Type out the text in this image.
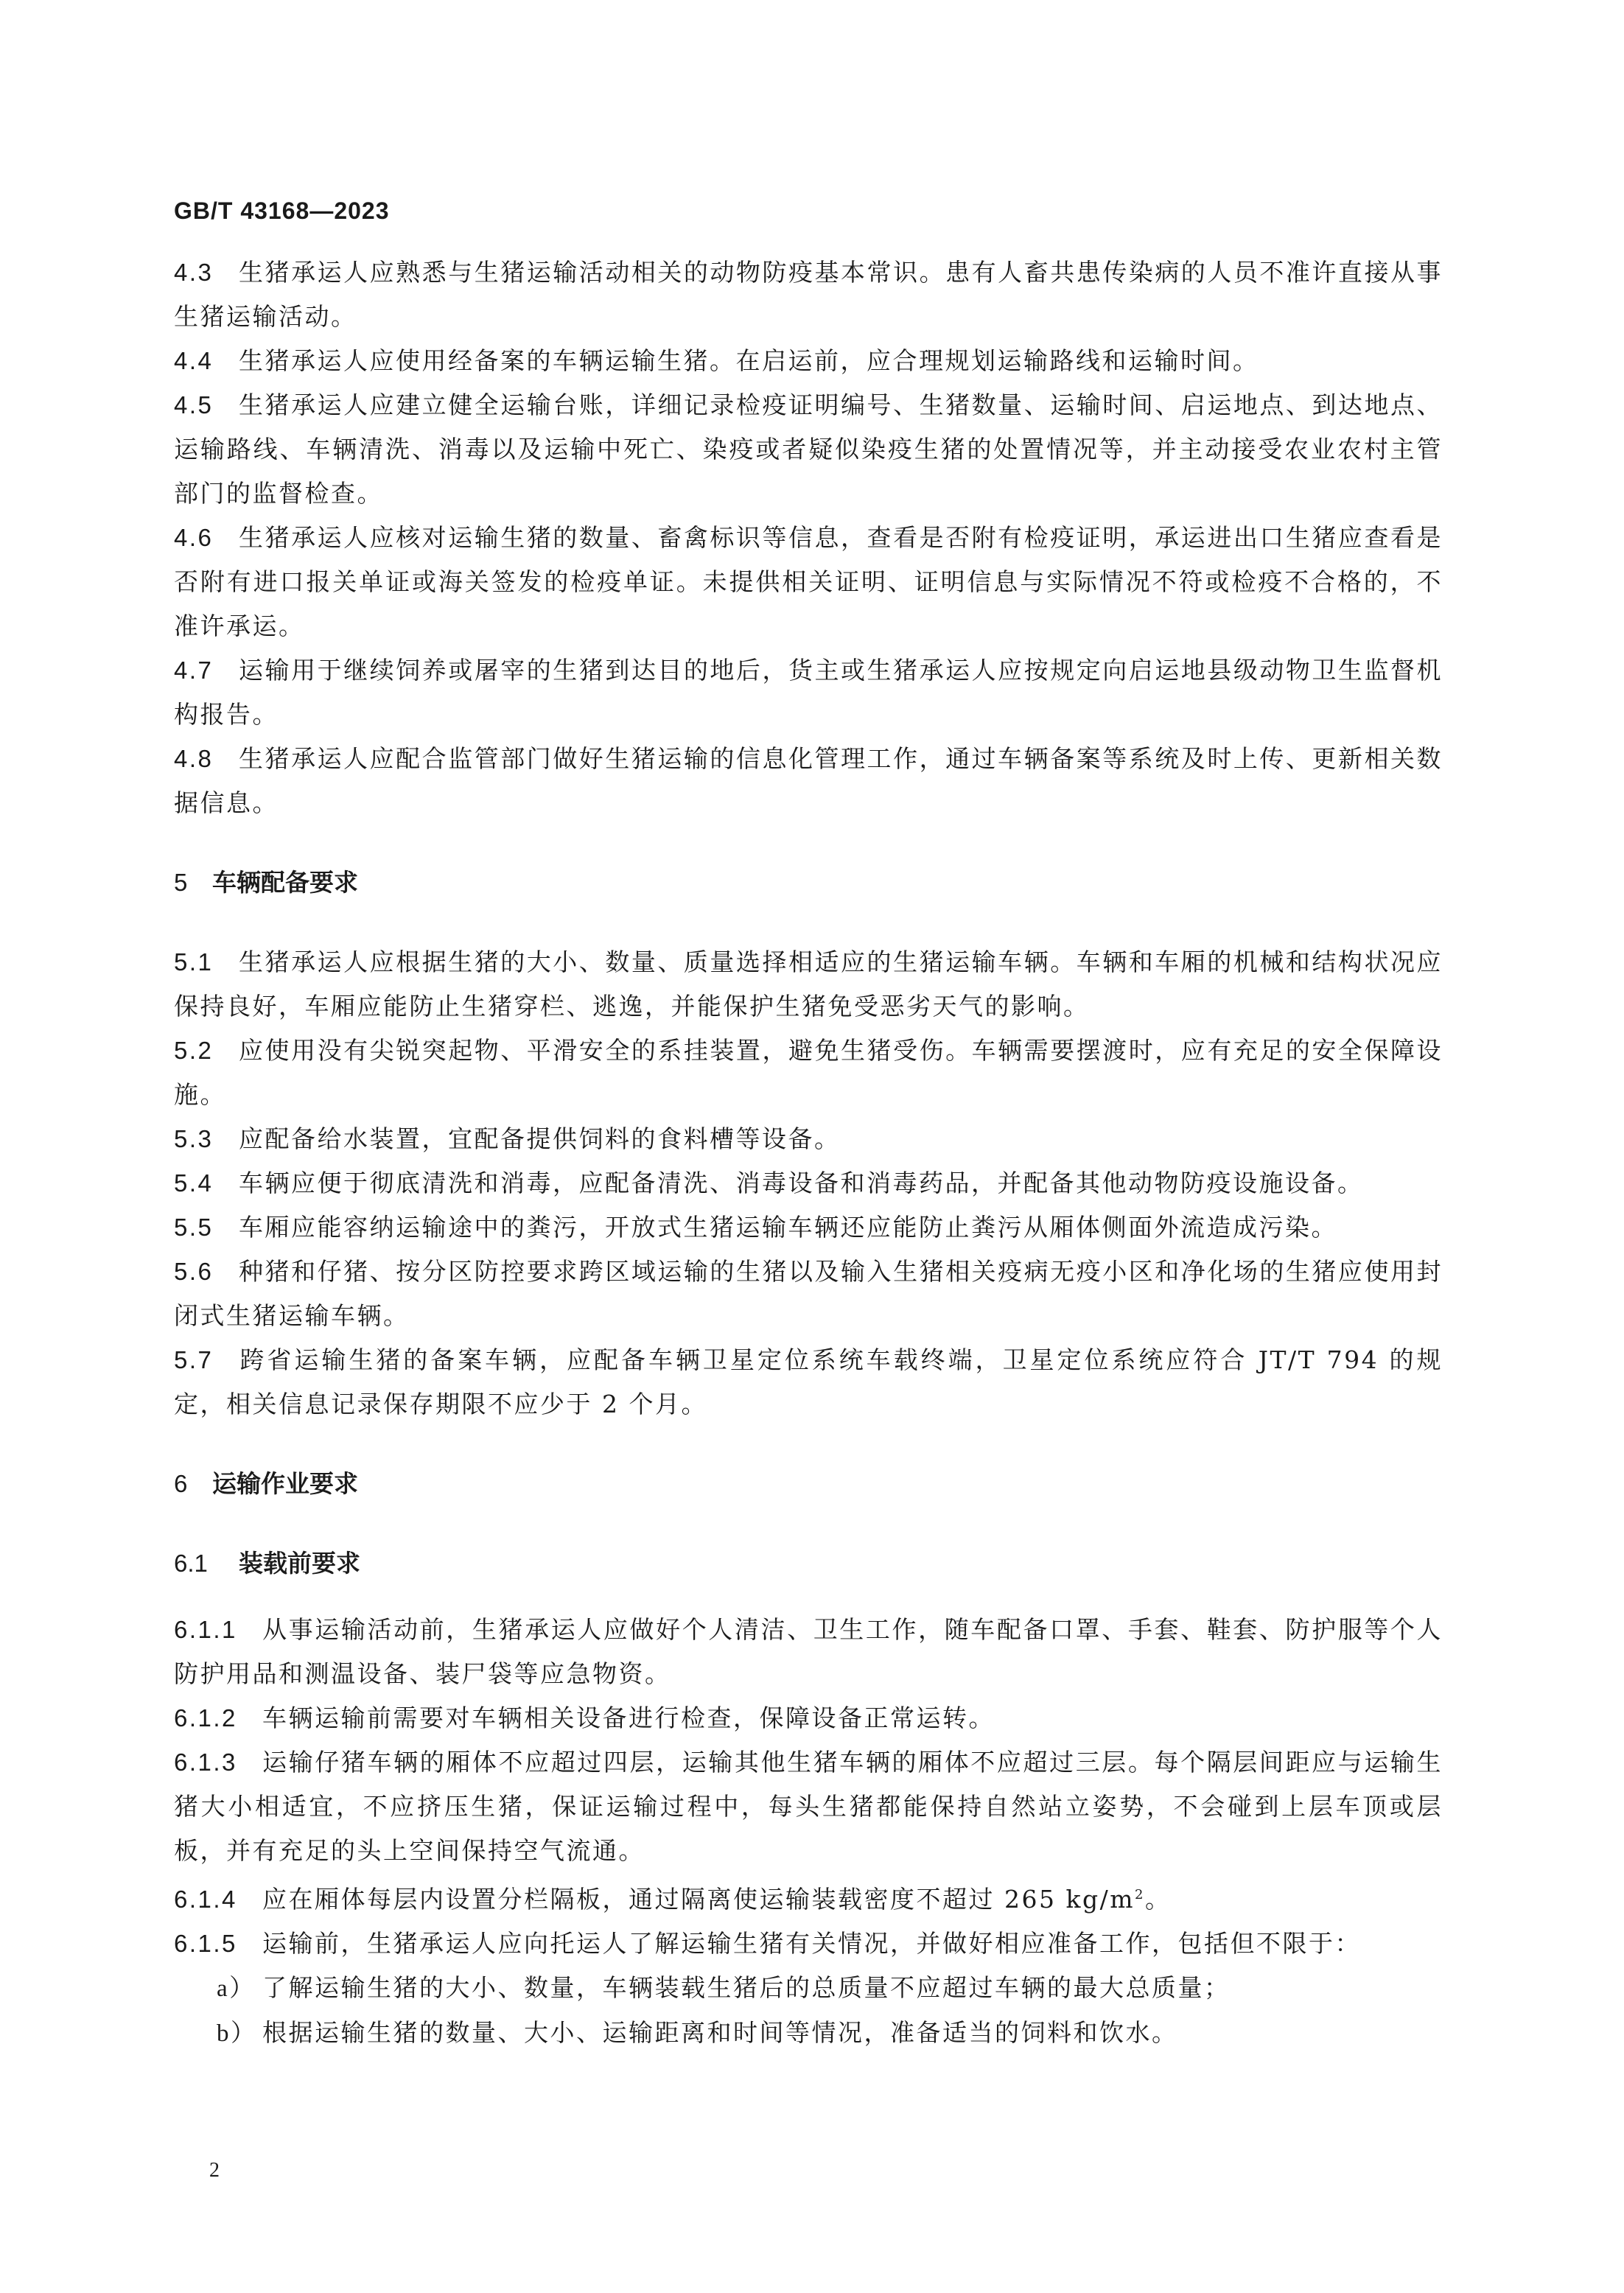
GB/T 43168—2023

4.3 生猪承运人应熟悉与生猪运输活动相关的动物防疫基本常识。患有人畜共患传染病的人员不准许直接从事生猪运输活动。

4.4 生猪承运人应使用经备案的车辆运输生猪。在启运前，应合理规划运输路线和运输时间。

4.5 生猪承运人应建立健全运输台账，详细记录检疫证明编号、生猪数量、运输时间、启运地点、到达地点、运输路线、车辆清洗、消毒以及运输中死亡、染疫或者疑似染疫生猪的处置情况等，并主动接受农业农村主管部门的监督检查。

4.6 生猪承运人应核对运输生猪的数量、畜禽标识等信息，查看是否附有检疫证明，承运进出口生猪应查看是否附有进口报关单证或海关签发的检疫单证。未提供相关证明、证明信息与实际情况不符或检疫不合格的，不准许承运。

4.7 运输用于继续饲养或屠宰的生猪到达目的地后，货主或生猪承运人应按规定向启运地县级动物卫生监督机构报告。

4.8 生猪承运人应配合监管部门做好生猪运输的信息化管理工作，通过车辆备案等系统及时上传、更新相关数据信息。

5 车辆配备要求

5.1 生猪承运人应根据生猪的大小、数量、质量选择相适应的生猪运输车辆。车辆和车厢的机械和结构状况应保持良好，车厢应能防止生猪穿栏、逃逸，并能保护生猪免受恶劣天气的影响。

5.2 应使用没有尖锐突起物、平滑安全的系挂装置，避免生猪受伤。车辆需要摆渡时，应有充足的安全保障设施。

5.3 应配备给水装置，宜配备提供饲料的食料槽等设备。

5.4 车辆应便于彻底清洗和消毒，应配备清洗、消毒设备和消毒药品，并配备其他动物防疫设施设备。

5.5 车厢应能容纳运输途中的粪污，开放式生猪运输车辆还应能防止粪污从厢体侧面外流造成污染。

5.6 种猪和仔猪、按分区防控要求跨区域运输的生猪以及输入生猪相关疫病无疫小区和净化场的生猪应使用封闭式生猪运输车辆。

5.7 跨省运输生猪的备案车辆，应配备车辆卫星定位系统车载终端，卫星定位系统应符合 JT/T 794 的规定，相关信息记录保存期限不应少于 2 个月。

6 运输作业要求

6.1 装载前要求

6.1.1 从事运输活动前，生猪承运人应做好个人清洁、卫生工作，随车配备口罩、手套、鞋套、防护服等个人防护用品和测温设备、装尸袋等应急物资。

6.1.2 车辆运输前需要对车辆相关设备进行检查，保障设备正常运转。

6.1.3 运输仔猪车辆的厢体不应超过四层，运输其他生猪车辆的厢体不应超过三层。每个隔层间距应与运输生猪大小相适宜，不应挤压生猪，保证运输过程中，每头生猪都能保持自然站立姿势，不会碰到上层车顶或层板，并有充足的头上空间保持空气流通。

6.1.4 应在厢体每层内设置分栏隔板，通过隔离使运输装载密度不超过 265 $kg/m^2$。

6.1.5 运输前，生猪承运人应向托运人了解运输生猪有关情况，并做好相应准备工作，包括但不限于：

a） 了解运输生猪的大小、数量，车辆装载生猪后的总质量不应超过车辆的最大总质量；

b） 根据运输生猪的数量、大小、运输距离和时间等情况，准备适当的饲料和饮水。

2
